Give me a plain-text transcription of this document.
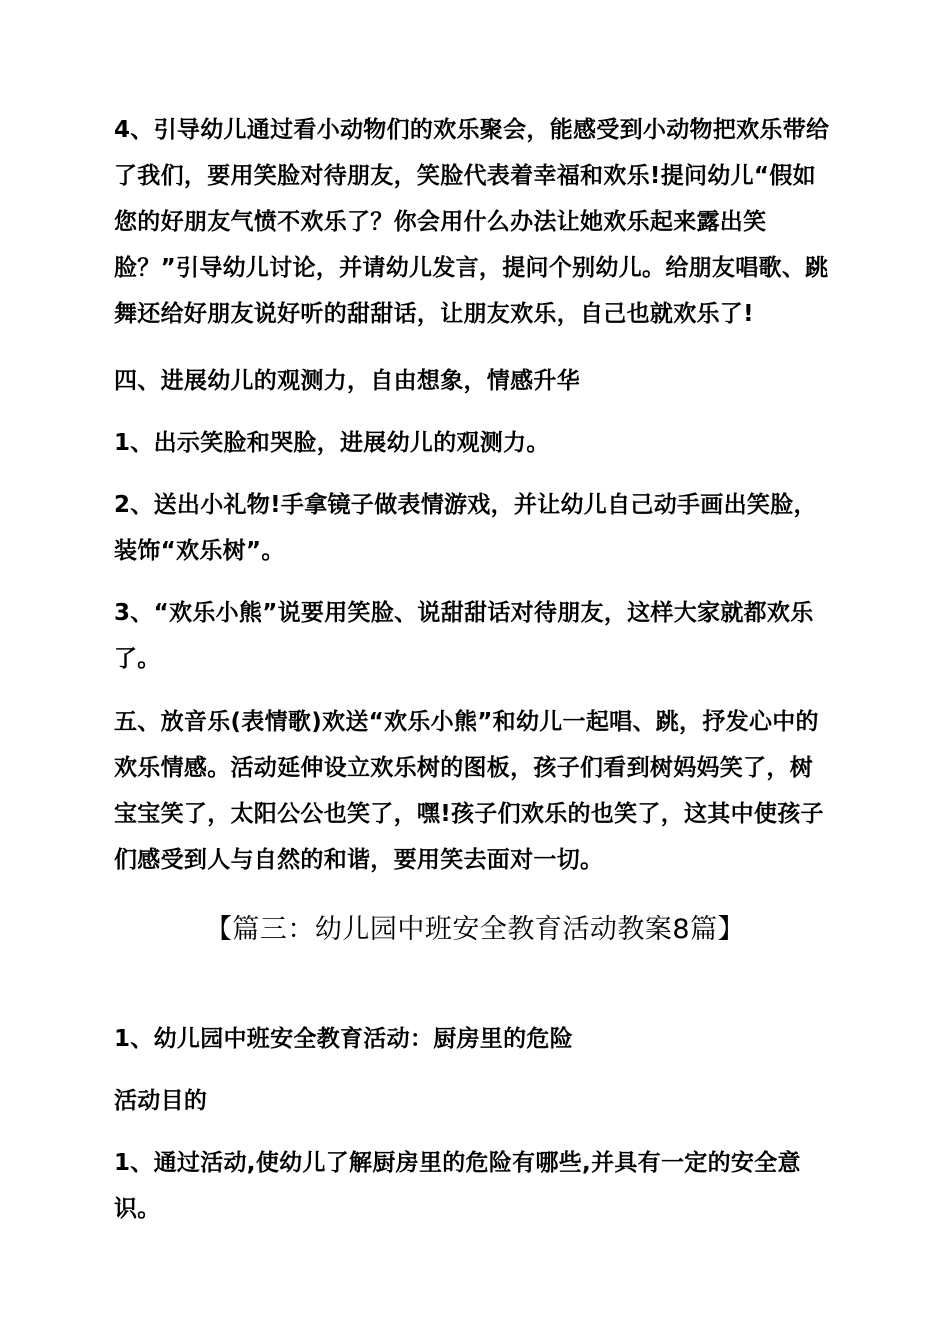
4、引导幼儿通过看小动物们的欢乐聚会，能感受到小动物把欢乐带给了我们，要用笑脸对待朋友，笑脸代表着幸福和欢乐!提问幼儿“假如您的好朋友气愤不欢乐了？你会用什么办法让她欢乐起来露出笑脸？”引导幼儿讨论，并请幼儿发言，提问个别幼儿。给朋友唱歌、跳舞还给好朋友说好听的甜甜话，让朋友欢乐，自己也就欢乐了!

四、进展幼儿的观测力，自由想象，情感升华

1、出示笑脸和哭脸，进展幼儿的观测力。

2、送出小礼物!手拿镜子做表情游戏，并让幼儿自己动手画出笑脸，装饰“欢乐树”。

3、“欢乐小熊”说要用笑脸、说甜甜话对待朋友，这样大家就都欢乐了。

五、放音乐(表情歌)欢送“欢乐小熊”和幼儿一起唱、跳，抒发心中的欢乐情感。活动延伸设立欢乐树的图板，孩子们看到树妈妈笑了，树宝宝笑了，太阳公公也笑了，嘿!孩子们欢乐的也笑了，这其中使孩子们感受到人与自然的和谐，要用笑去面对一切。

【篇三：幼儿园中班安全教育活动教案8篇】

1、幼儿园中班安全教育活动：厨房里的危险

活动目的

1、通过活动,使幼儿了解厨房里的危险有哪些,并具有一定的安全意识。
